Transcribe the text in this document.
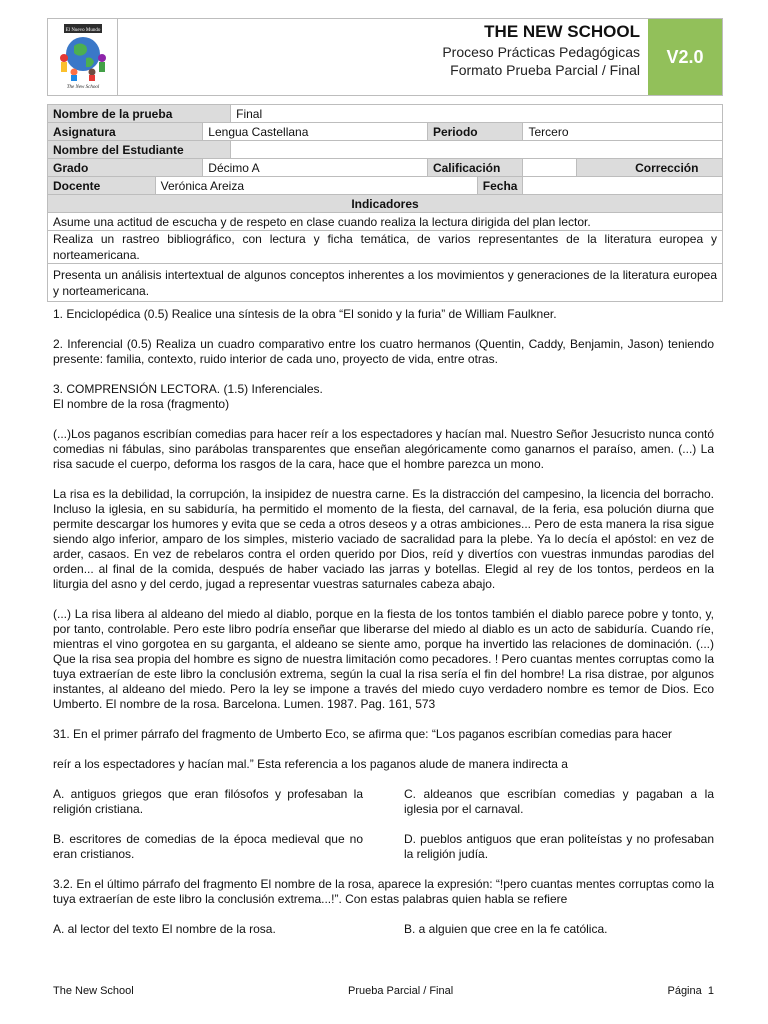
El Nuevo Mundo
The New School
THE NEW SCHOOL
Proceso Prácticas Pedagógicas
Formato Prueba Parcial / Final
V2.0
Nombre de la prueba			Final				
Asignatura		Lengua Castellana		Periodo		Tercero	
Nombre del Estudiante							
Grado		Décimo A		Calificación			Corrección
Docente	Verónica Areiza				Fecha		
Indicadores							
Asume una actitud de escucha y de respeto en clase cuando realiza la lectura dirigida del plan lector.							
Realiza un rastreo bibliográfico, con lectura y ficha temática, de varios representantes de la literatura europea y norteamericana.							
Presenta un análisis intertextual de algunos conceptos inherentes a los movimientos y generaciones de la literatura europea y norteamericana.							

1. Enciclopédica (0.5) Realice una síntesis de la obra “El sonido y la furia” de William Faulkner.

2. Inferencial (0.5) Realiza un cuadro comparativo entre los cuatro hermanos (Quentin, Caddy, Benjamin, Jason) teniendo presente: familia, contexto, ruido interior de cada uno, proyecto de vida, entre otras.

3. COMPRENSIÓN LECTORA. (1.5) Inferenciales.

El nombre de la rosa (fragmento)

(...)Los paganos escribían comedias para hacer reír a los espectadores y hacían mal. Nuestro Señor Jesucristo nunca contó comedias ni fábulas, sino parábolas transparentes que enseñan alegóricamente como ganarnos el paraíso, amen. (...) La risa sacude el cuerpo, deforma los rasgos de la cara, hace que el hombre parezca un mono.

La risa es la debilidad, la corrupción, la insipidez de nuestra carne. Es la distracción del campesino, la licencia del borracho. Incluso la iglesia, en su sabiduría, ha permitido el momento de la fiesta, del carnaval, de la feria, esa polución diurna que permite descargar los humores y evita que se ceda a otros deseos y a otras ambiciones... Pero de esta manera la risa sigue siendo algo inferior, amparo de los simples, misterio vaciado de sacralidad para la plebe. Ya lo decía el apóstol: en vez de arder, casaos. En vez de rebelaros contra el orden querido por Dios, reíd y divertíos con vuestras inmundas parodias del orden... al final de la comida, después de haber vaciado las jarras y botellas. Elegid al rey de los tontos, perdeos en la liturgia del asno y del cerdo, jugad a representar vuestras saturnales cabeza abajo.

(...) La risa libera al aldeano del miedo al diablo, porque en la fiesta de los tontos también el diablo parece pobre y tonto, y, por tanto, controlable. Pero este libro podría enseñar que liberarse del miedo al diablo es un acto de sabiduría. Cuando ríe, mientras el vino gorgotea en su garganta, el aldeano se siente amo, porque ha invertido las relaciones de dominación. (...) Que la risa sea propia del hombre es signo de nuestra limitación como pecadores. ! Pero cuantas mentes corruptas como la tuya extraerían de este libro la conclusión extrema, según la cual la risa sería el fin del hombre! La risa distrae, por algunos instantes, al aldeano del miedo. Pero la ley se impone a través del miedo cuyo verdadero nombre es temor de Dios. Eco Umberto. El nombre de la rosa. Barcelona. Lumen. 1987. Pag. 161, 573

31. En el primer párrafo del fragmento de Umberto Eco, se afirma que: “Los paganos escribían comedias para hacer

reír a los espectadores y hacían mal.” Esta referencia a los paganos alude de manera indirecta a

A. antiguos griegos que eran filósofos y profesaban la religión cristiana.

C. aldeanos que escribían comedias y pagaban a la iglesia por el carnaval.

B. escritores de comedias de la época medieval que no eran cristianos.

D. pueblos antiguos que eran politeístas y no profesaban la religión judía.

3.2. En el último párrafo del fragmento El nombre de la rosa, aparece la expresión: “!pero cuantas mentes corruptas como la tuya extraerían de este libro la conclusión extrema...!”. Con estas palabras quien habla se refiere

A. al lector del texto El nombre de la rosa.	B. a alguien que cree en la fe católica.

The New School	Prueba Parcial / Final	Página 1
